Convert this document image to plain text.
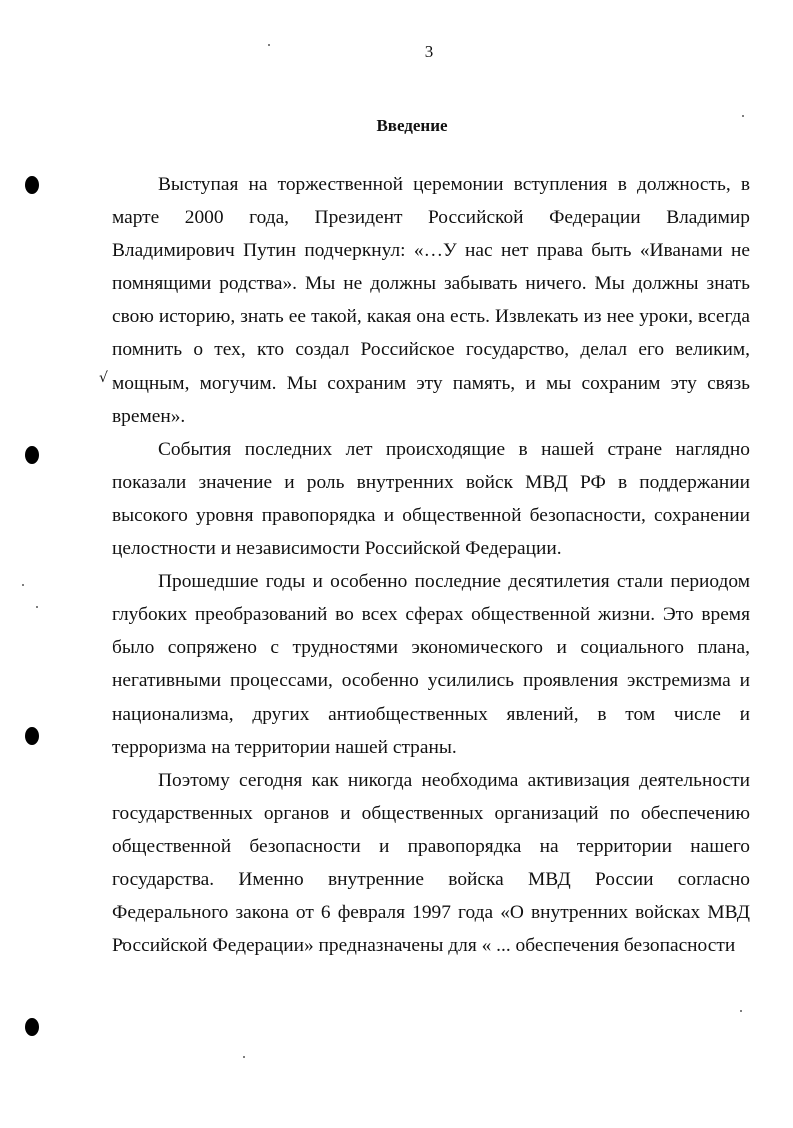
3
Введение
√

Выступая на торжественной церемонии вступления в должность, в марте 2000 года, Президент Российской Федерации Владимир Владимирович Путин подчеркнул: «…У нас нет права быть «Иванами не помнящими родства». Мы не должны забывать ничего. Мы должны знать свою историю, знать ее такой, какая она есть. Извлекать из нее уроки, всегда помнить о тех, кто создал Российское государство, делал его великим, мощным, могучим. Мы сохраним эту память, и мы сохраним эту связь времен».

События последних лет происходящие в нашей стране наглядно показали значение и роль внутренних войск МВД РФ в поддержании высокого уровня правопорядка и общественной безопасности, сохранении целостности и независимости Российской Федерации.

Прошедшие годы и особенно последние десятилетия стали периодом глубоких преобразований во всех сферах общественной жизни. Это время было сопряжено с трудностями экономического и социального плана, негативными процессами, особенно усилились проявления экстремизма и национализма, других антиобщественных явлений, в том числе и терроризма на территории нашей страны.

Поэтому сегодня как никогда необходима активизация деятельности государственных органов и общественных организаций по обеспечению общественной безопасности и правопорядка на территории нашего государства. Именно внутренние войска МВД России согласно Федерального закона от 6 февраля 1997 года «О внутренних войсках МВД Российской Федерации» предназначены для « ... обеспечения безопасности
